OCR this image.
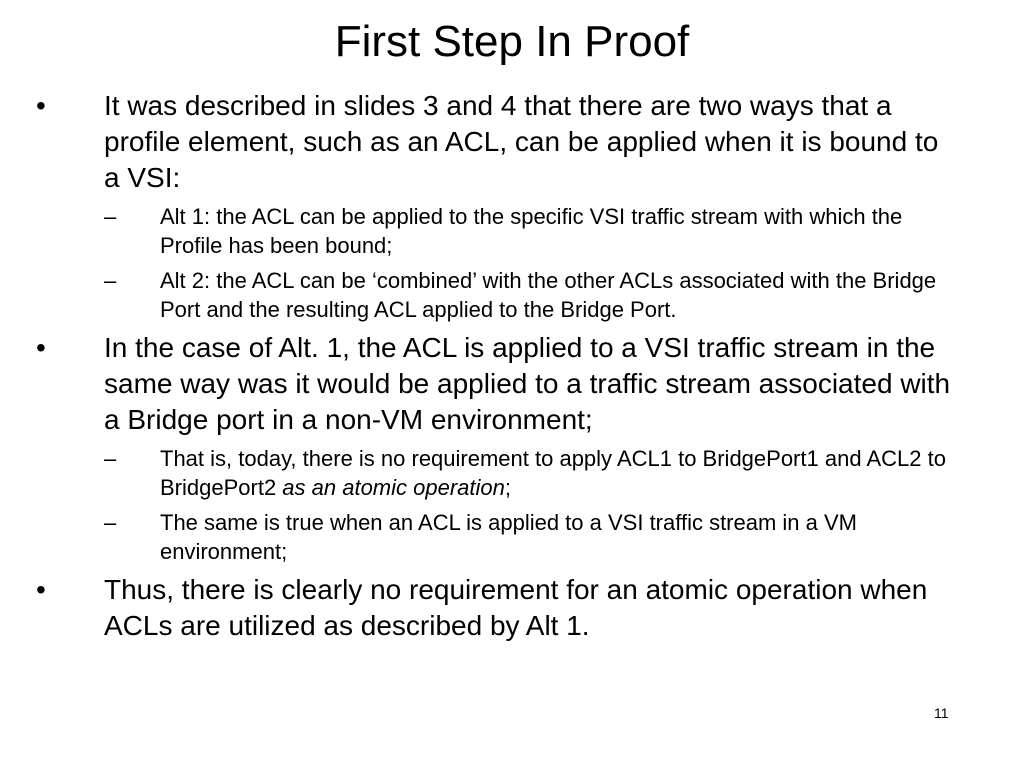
First Step In Proof
• It was described in slides 3 and 4 that there are two ways that a profile element, such as an ACL, can be applied when it is bound to a VSI:
– Alt 1: the ACL can be applied to the specific VSI traffic stream with which the Profile has been bound;
– Alt 2: the ACL can be ‘combined’ with the other ACLs associated with the Bridge Port and the resulting ACL applied to the Bridge Port.
• In the case of Alt. 1, the ACL is applied to a VSI traffic stream in the same way was it would be applied to a traffic stream associated with a Bridge port in a non-VM environment;
– That is, today, there is no requirement to apply ACL1 to BridgePort1 and ACL2 to BridgePort2 as an atomic operation;
– The same is true when an ACL is applied to a VSI traffic stream in a VM environment;
• Thus, there is clearly no requirement for an atomic operation when ACLs are utilized as described by Alt 1.
11
